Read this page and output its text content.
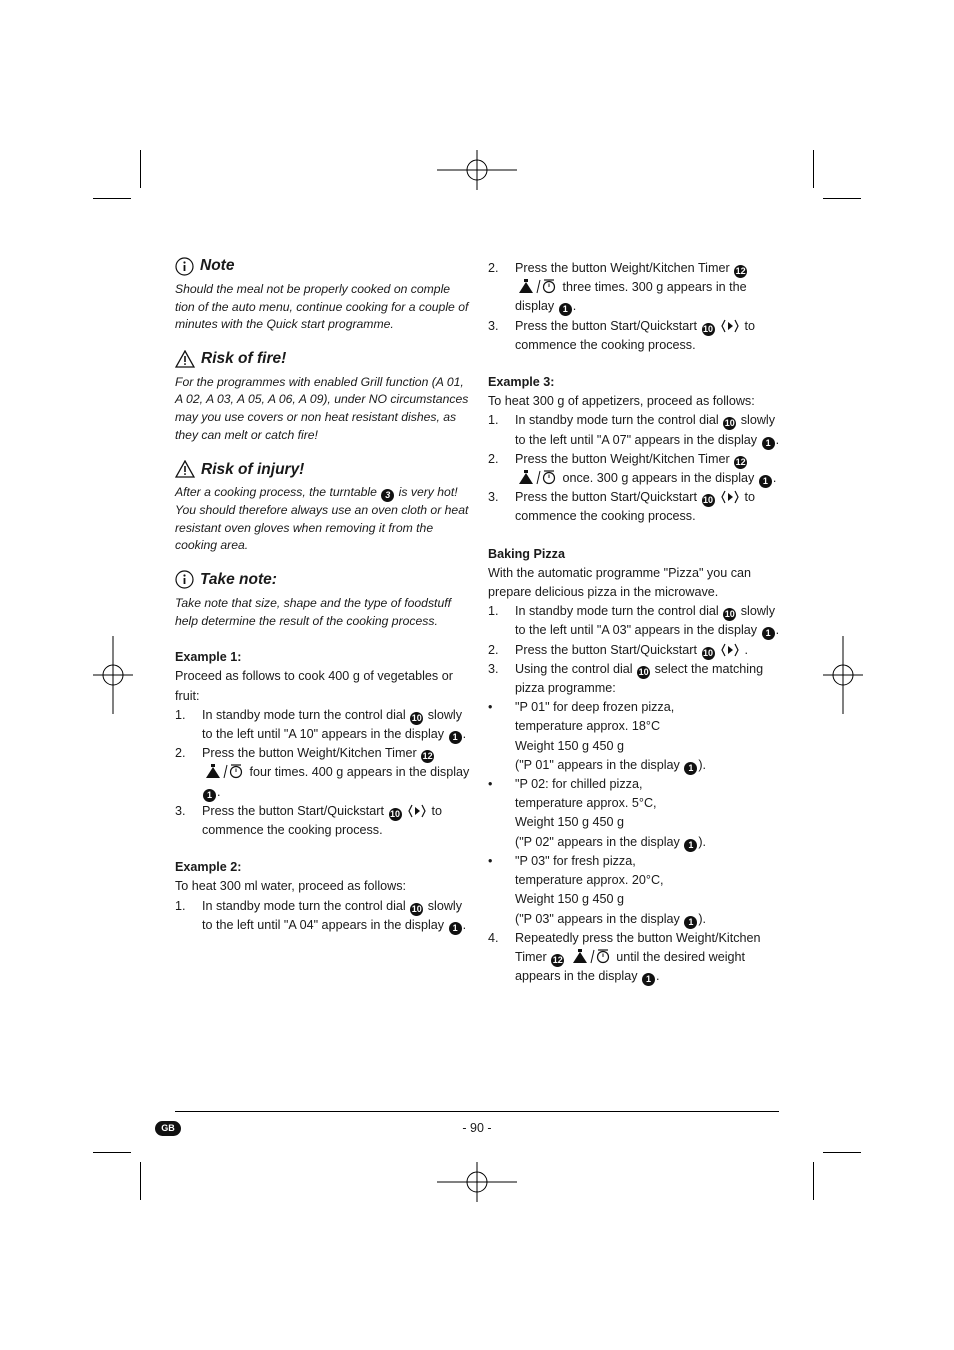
Note
Should the meal not be properly cooked on comple tion of the auto menu, continue cooking for a couple of minutes with the Quick start programme.
Risk of fire!
For the programmes with enabled Grill function (A 01, A 02, A 03, A 05, A 06, A 09), under NO circumstances may you use covers or non heat resistant dishes, as they can melt or catch fire!
Risk of injury!
After a cooking process, the turntable 3 is very hot! You should therefore always use an oven cloth or heat resistant oven gloves when removing it from the cooking area.
Take note:
Take note that size, shape and the type of foodstuff help determine the result of the cooking process.
Example 1:
Proceed as follows to cook 400 g of vegetables or fruit:
1. In standby mode turn the control dial 10 slowly to the left until "A 10" appears in the display 1 .
2. Press the button Weight/Kitchen Timer 12
four times. 400 g appears in the display 1 .
3. Press the button Start/Quickstart 10	to commence the cooking process.
Example 2:
To heat 300 ml water, proceed as follows:
1. In standby mode turn the control dial 10 slowly to the left until "A 04" appears in the display 1 .
2. Press the button Weight/Kitchen Timer 12
three times. 300 g appears in the display 1 .
3. Press the button Start/Quickstart 10	to commence the cooking process.
Example 3:
To heat 300 g of appetizers, proceed as follows:
1. In standby mode turn the control dial 10 slowly to the left until "A 07" appears in the display 1 .
2. Press the button Weight/Kitchen Timer 12
once. 300 g appears in the display 1 .
3. Press the button Start/Quickstart 10	to commence the cooking process.
Baking Pizza
With the automatic programme "Pizza" you can prepare delicious pizza in the microwave.
1. In standby mode turn the control dial 10 slowly to the left until "A 03" appears in the display 1 .
2. Press the button Start/Quickstart 10	.
3. Using the control dial 10 select the matching pizza programme:
• "P 01" for deep frozen pizza,
temperature approx. 18°C
Weight 150 g 450 g
("P 01" appears in the display 1 ).
• "P 02: for chilled pizza,
temperature approx. 5°C,
Weight 150 g 450 g
("P 02" appears in the display 1 ).
• "P 03" for fresh pizza,
temperature approx. 20°C,
Weight 150 g 450 g
("P 03" appears in the display 1 ).
4. Repeatedly press the button Weight/Kitchen Timer 12	until the desired weight appears in the display 1 .
GB	- 90 -
